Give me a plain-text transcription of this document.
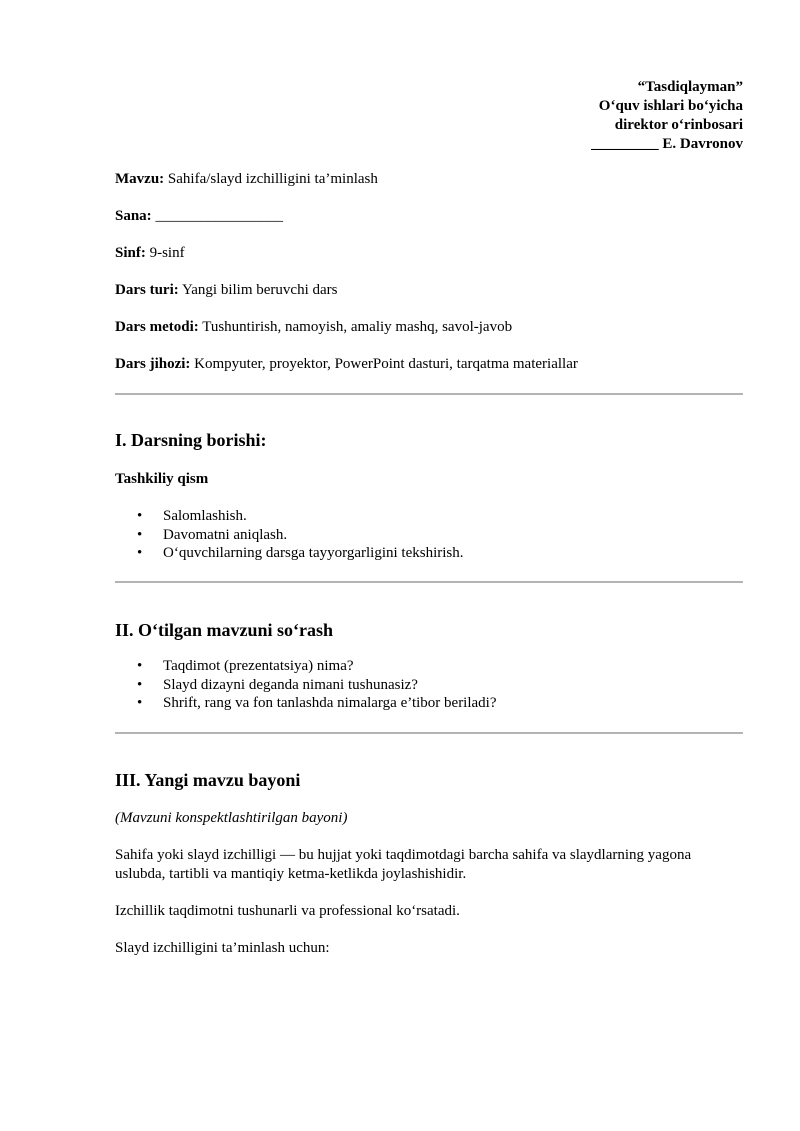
“Tasdiqlayman”
O‘quv ishlari bo‘yicha
direktor o‘rinbosari
_________ E. Davronov
Mavzu: Sahifa/slayd izchilligini ta’minlash
Sana: _________________
Sinf: 9-sinf
Dars turi: Yangi bilim beruvchi dars
Dars metodi: Tushuntirish, namoyish, amaliy mashq, savol-javob
Dars jihozi: Kompyuter, proyektor, PowerPoint dasturi, tarqatma materiallar
I. Darsning borishi:
Tashkiliy qism
• Salomlashish.
• Davomatni aniqlash.
• O‘quvchilarning darsga tayyorgarligini tekshirish.
II. O‘tilgan mavzuni so‘rash
• Taqdimot (prezentatsiya) nima?
• Slayd dizayni deganda nimani tushunasiz?
• Shrift, rang va fon tanlashda nimalarga e’tibor beriladi?
III. Yangi mavzu bayoni
(Mavzuni konspektlashtirilgan bayoni)
Sahifa yoki slayd izchilligi — bu hujjat yoki taqdimotdagi barcha sahifa va slaydlarning yagona uslubda, tartibli va mantiqiy ketma-ketlikda joylashishidir.
Izchillik taqdimotni tushunarli va professional ko‘rsatadi.
Slayd izchilligini ta’minlash uchun:
